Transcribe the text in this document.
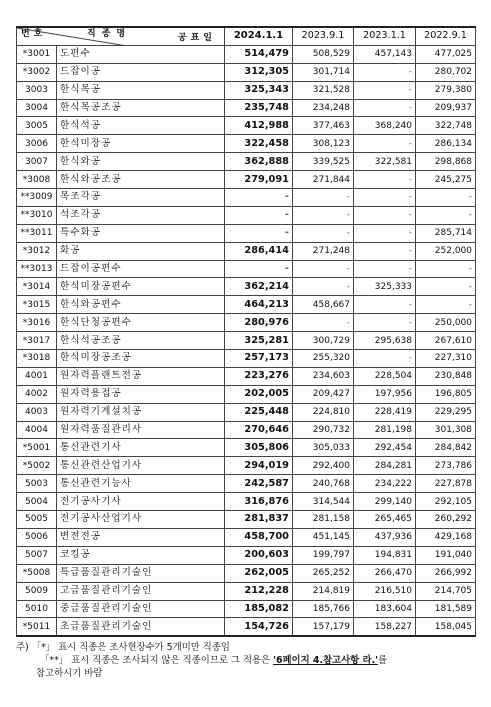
공표일
번호 직종명		2024.1.1	2023.9.1	2023.1.1	2022.9.1
*3001	도편수	514,479	508,529	457,143	477,025
*3002	드잡이공	312,305	301,714	-	280,702
3003	한식목공	325,343	321,528	-	279,380
3004	한식목공조공	235,748	234,248	-	209,937
3005	한식석공	412,988	377,463	368,240	322,748
3006	한식미장공	322,458	308,123	-	286,134
3007	한식와공	362,888	339,525	322,581	298,868
*3008	한식와공조공	279,091	271,844	-	245,275
**3009	목조각공	-	-	-	-
**3010	석조각공	-	-	-	-
**3011	특수화공	-	-	-	285,714
*3012	화공	286,414	271,248	-	252,000
**3013	드잡이공편수	-	-	-	-
*3014	한식미장공편수	362,214	-	325,333	-
*3015	한식와공편수	464,213	458,667	-	-
*3016	한식단청공편수	280,976	-	-	250,000
*3017	한식석공조공	325,281	300,729	295,638	267,610
*3018	한식미장공조공	257,173	255,320	-	227,310
4001	원자력플랜트전공	223,276	234,603	228,504	230,848
4002	원자력용접공	202,005	209,427	197,956	196,805
4003	원자력기계설치공	225,448	224,810	228,419	229,295
4004	원자력품질관리사	270,646	290,732	281,198	301,308
*5001	통신관련기사	305,806	305,033	292,454	284,842
*5002	통신관련산업기사	294,019	292,400	284,281	273,786
5003	통신관련기능사	242,587	240,768	234,222	227,878
5004	전기공사기사	316,876	314,544	299,140	292,105
5005	전기공사산업기사	281,837	281,158	265,465	260,292
5006	변전전공	458,700	451,145	437,936	429,168
5007	코킹공	200,603	199,797	194,831	191,040
*5008	특급품질관리기술인	262,005	265,252	266,470	266,992
5009	고급품질관리기술인	212,228	214,819	216,510	214,705
5010	중급품질관리기술인	185,082	185,766	183,604	181,589
*5011	초급품질관리기술인	154,726	157,179	158,227	158,045
주) 「*」 표시 직종은 조사현장수가 5개미만 직종임
「**」 표시 직종은 조사되지 않은 직종이므로 그 적용은 '6페이지 4.참고사항 라.'를
참고하시기 바람
